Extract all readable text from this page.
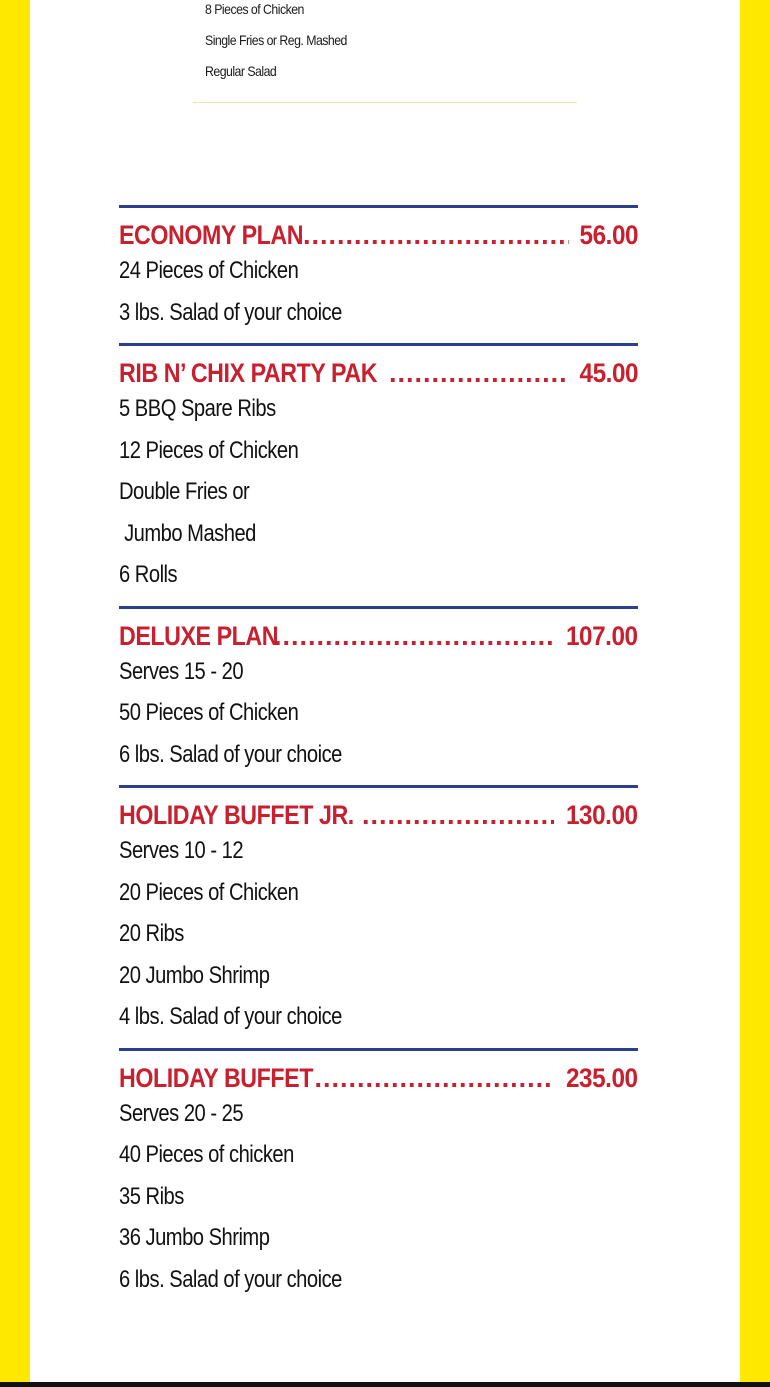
8 Pieces of Chicken
Single Fries or Reg. Mashed
Regular Salad
ECONOMY PLAN .....	56.00
24 Pieces of Chicken
3 lbs. Salad of your choice
RIB N’ CHIX PARTY PAK .....	45.00
5 BBQ Spare Ribs
12 Pieces of Chicken
Double Fries or
Jumbo Mashed
6 Rolls
DELUXE PLAN .....	107.00
Serves 15 - 20
50 Pieces of Chicken
6 lbs. Salad of your choice
HOLIDAY BUFFET JR. .....	130.00
Serves 10 - 12
20 Pieces of Chicken
20 Ribs
20 Jumbo Shrimp
4 lbs. Salad of your choice
HOLIDAY BUFFET .....	235.00
Serves 20 - 25
40 Pieces of chicken
35 Ribs
36 Jumbo Shrimp
6 lbs. Salad of your choice
